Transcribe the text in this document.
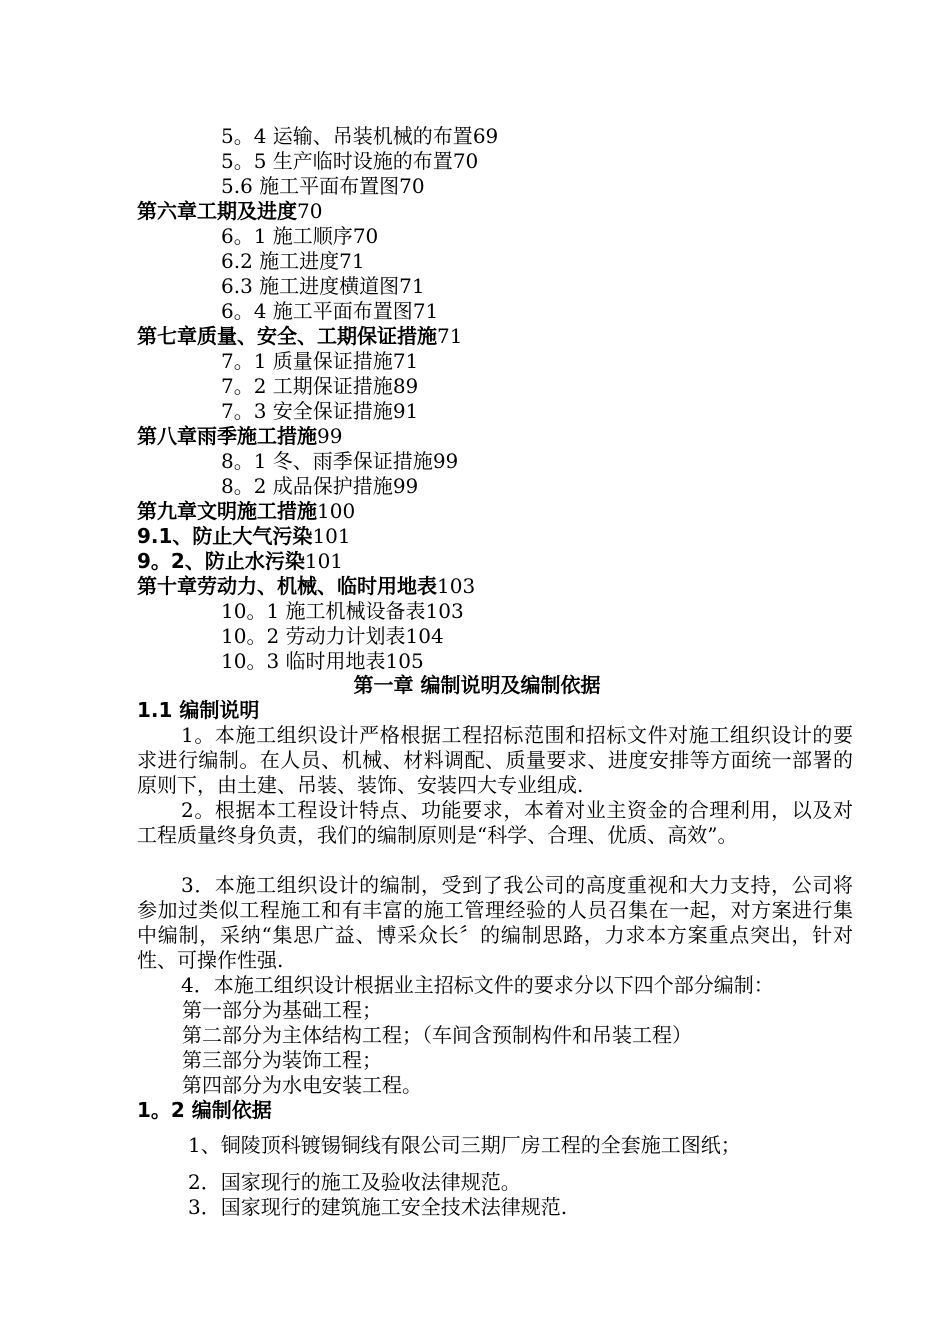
5。4 运输、吊装机械的布置69
5。5 生产临时设施的布置70
5.6 施工平面布置图70
第六章工期及进度70
6。1 施工顺序70
6.2 施工进度71
6.3 施工进度横道图71
6。4 施工平面布置图71
第七章质量、安全、工期保证措施71
7。1 质量保证措施71
7。2 工期保证措施89
7。3 安全保证措施91
第八章雨季施工措施99
8。1 冬、雨季保证措施99
8。2 成品保护措施99
第九章文明施工措施100
9.1、防止大气污染101
9。2、防止水污染101
第十章劳动力、机械、临时用地表103
10。1 施工机械设备表103
10。2 劳动力计划表104
10。3 临时用地表105
第一章 编制说明及编制依据
1.1 编制说明
1。本施工组织设计严格根据工程招标范围和招标文件对施工组织设计的要求进行编制。在人员、机械、材料调配、质量要求、进度安排等方面统一部署的原则下，由土建、吊装、装饰、安装四大专业组成.
2。根据本工程设计特点、功能要求，本着对业主资金的合理利用，以及对工程质量终身负责，我们的编制原则是“科学、合理、优质、高效”。
3．本施工组织设计的编制，受到了我公司的高度重视和大力支持，公司将参加过类似工程施工和有丰富的施工管理经验的人员召集在一起，对方案进行集中编制，采纳“集思广益、博采众长〞的编制思路，力求本方案重点突出，针对性、可操作性强.
4．本施工组织设计根据业主招标文件的要求分以下四个部分编制：
第一部分为基础工程；
第二部分为主体结构工程；（车间含预制构件和吊装工程）
第三部分为装饰工程；
第四部分为水电安装工程。
1。2 编制依据
1、铜陵顶科镀锡铜线有限公司三期厂房工程的全套施工图纸；
2．国家现行的施工及验收法律规范。
3．国家现行的建筑施工安全技术法律规范.
